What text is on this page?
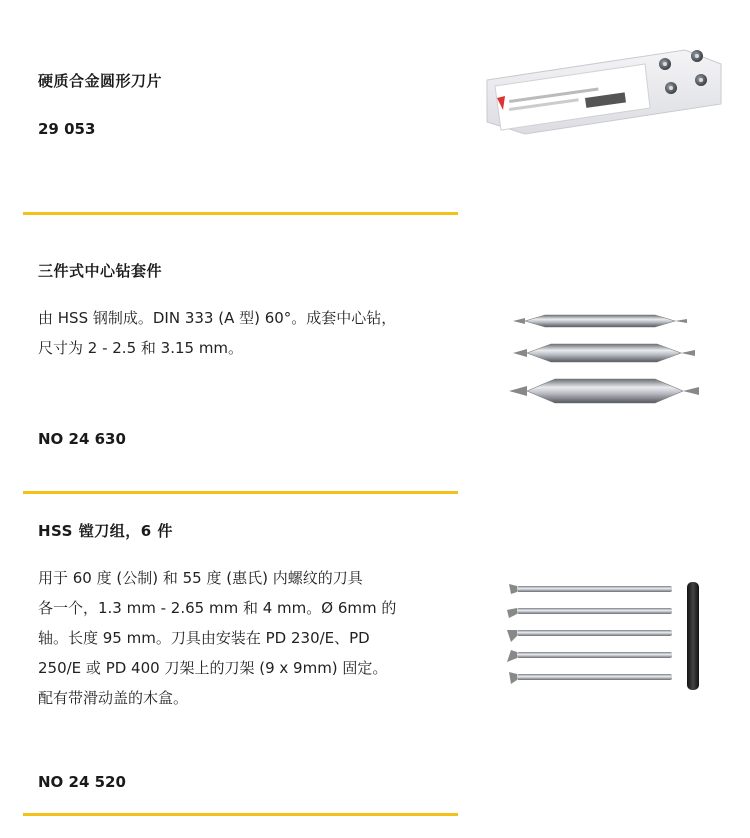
硬质合金圆形刀片
29 053
三件式中心钻套件
由 HSS 钢制成。DIN 333 (A 型) 60°。成套中心钻，
尺寸为 2 - 2.5 和 3.15 mm。
NO 24 630
HSS 镗刀组，6 件
用于 60 度 (公制) 和 55 度 (惠氏) 内螺纹的刀具
各一个，1.3 mm - 2.65 mm 和 4 mm。Ø 6mm 的
轴。长度 95 mm。刀具由安装在 PD 230/E、PD
250/E 或 PD 400 刀架上的刀架 (9 x 9mm) 固定。
配有带滑动盖的木盒。
NO 24 520
